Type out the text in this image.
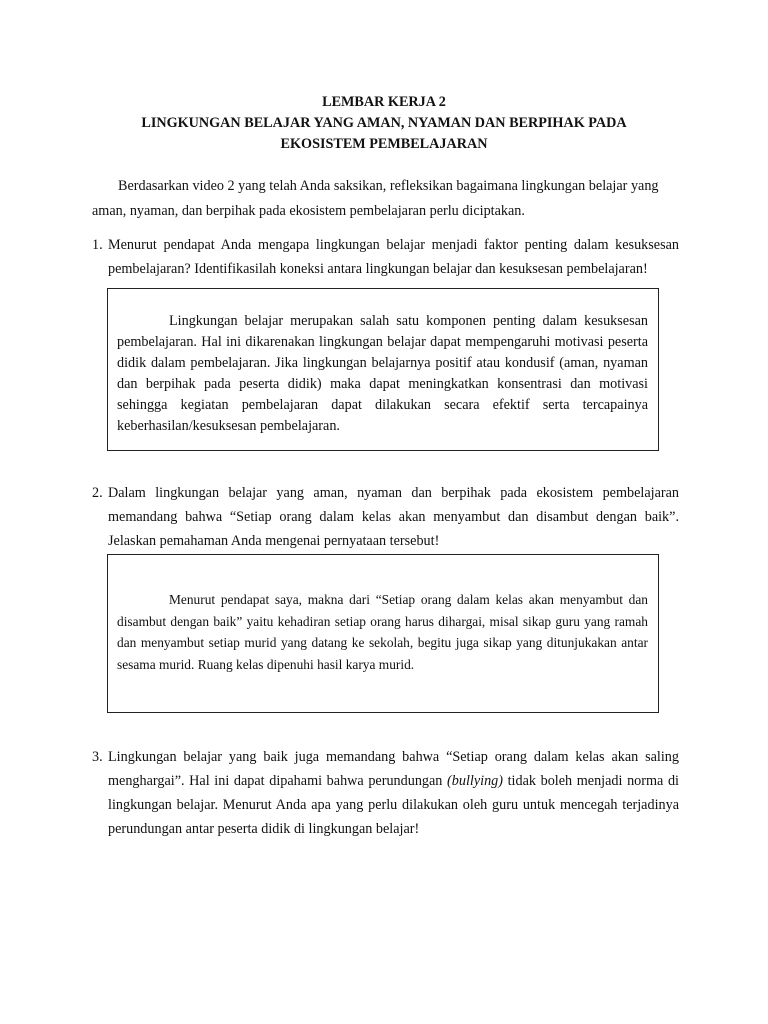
LEMBAR KERJA 2
LINGKUNGAN BELAJAR YANG AMAN, NYAMAN DAN BERPIHAK PADA
EKOSISTEM PEMBELAJARAN

Berdasarkan video 2 yang telah Anda saksikan, refleksikan bagaimana lingkungan belajar yang aman, nyaman, dan berpihak pada ekosistem pembelajaran perlu diciptakan.

1. Menurut pendapat Anda mengapa lingkungan belajar menjadi faktor penting dalam kesuksesan pembelajaran? Identifikasilah koneksi antara lingkungan belajar dan kesuksesan pembelajaran!

Lingkungan belajar merupakan salah satu komponen penting dalam kesuksesan pembelajaran. Hal ini dikarenakan lingkungan belajar dapat mempengaruhi motivasi peserta didik dalam pembelajaran. Jika lingkungan belajarnya positif atau kondusif (aman, nyaman dan berpihak pada peserta didik) maka dapat meningkatkan konsentrasi dan motivasi sehingga kegiatan pembelajaran dapat dilakukan secara efektif serta tercapainya keberhasilan/kesuksesan pembelajaran.

2. Dalam lingkungan belajar yang aman, nyaman dan berpihak pada ekosistem pembelajaran memandang bahwa “Setiap orang dalam kelas akan menyambut dan disambut dengan baik”. Jelaskan pemahaman Anda mengenai pernyataan tersebut!

Menurut pendapat saya, makna dari “Setiap orang dalam kelas akan menyambut dan disambut dengan baik” yaitu kehadiran setiap orang harus dihargai, misal sikap guru yang ramah dan menyambut setiap murid yang datang ke sekolah, begitu juga sikap yang ditunjukakan antar sesama murid. Ruang kelas dipenuhi hasil karya murid.

3. Lingkungan belajar yang baik juga memandang bahwa “Setiap orang dalam kelas akan saling menghargai”. Hal ini dapat dipahami bahwa perundungan (bullying) tidak boleh menjadi norma di lingkungan belajar. Menurut Anda apa yang perlu dilakukan oleh guru untuk mencegah terjadinya perundungan antar peserta didik di lingkungan belajar!
